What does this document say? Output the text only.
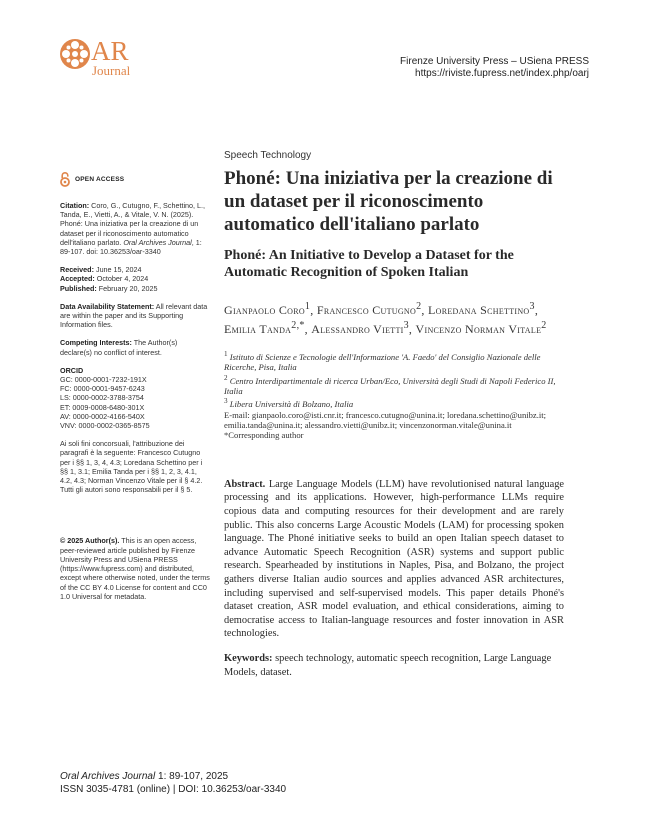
AR
Journal
Firenze University Press – USiena PRESS
https://riviste.fupress.net/index.php/oarj
OPEN ACCESS

Citation: Coro, G., Cutugno, F., Schettino, L., Tanda, E., Vietti, A., & Vitale, V. N. (2025). Phoné: Una iniziativa per la creazione di un dataset per il riconoscimento automatico dell'italiano parlato. Oral Archives Journal, 1: 89-107. doi: 10.36253/oar-3340

Received: June 15, 2024
Accepted: October 4, 2024
Published: February 20, 2025

Data Availability Statement: All relevant data are within the paper and its Supporting Information files.

Competing Interests: The Author(s) declare(s) no conflict of interest.

ORCID
GC: 0000-0001-7232-191X
FC: 0000-0001-9457-6243
LS: 0000-0002-3788-3754
ET: 0009-0008-6480-301X
AV: 0000-0002-4166-540X
VNV: 0000-0002-0365-8575

Ai soli fini concorsuali, l'attribuzione dei paragrafi è la seguente: Francesco Cutugno per i §§ 1, 3, 4, 4.3; Loredana Schettino per i §§ 1, 3.1; Emilia Tanda per i §§ 1, 2, 3, 4.1, 4.2, 4.3; Norman Vincenzo Vitale per il § 4.2. Tutti gli autori sono responsabili per il § 5.

© 2025 Author(s). This is an open access, peer-reviewed article published by Firenze University Press and USiena PRESS (https://www.fupress.com) and distributed, except where otherwise noted, under the terms of the CC BY 4.0 License for content and CC0 1.0 Universal for metadata.

Speech Technology
Phoné: Una iniziativa per la creazione di un dataset per il riconoscimento automatico dell'italiano parlato
Phoné: An Initiative to Develop a Dataset for the Automatic Recognition of Spoken Italian
Gianpaolo Coro$^1$, Francesco Cutugno$^2$, Loredana Schettino$^3$, Emilia Tanda$^{2,*}$, Alessandro Vietti$^3$, Vincenzo Norman Vitale$^2$
$^1$ Istituto di Scienze e Tecnologie dell'Informazione 'A. Faedo' del Consiglio Nazionale delle Ricerche, Pisa, Italia
$^2$ Centro Interdipartimentale di ricerca Urban/Eco, Università degli Studi di Napoli Federico II, Italia
$^3$ Libera Università di Bolzano, Italia
E-mail: gianpaolo.coro@isti.cnr.it; francesco.cutugno@unina.it; loredana.schettino@unibz.it; emilia.tanda@unina.it; alessandro.vietti@unibz.it; vincenzonorman.vitale@unina.it
*Corresponding author
Abstract. Large Language Models (LLM) have revolutionised natural language processing and its applications. However, high-performance LLMs require copious data and computing resources for their development and are rarely public. This also concerns Large Acoustic Models (LAM) for processing spoken language. The Phoné initiative seeks to build an open Italian speech dataset to advance Automatic Speech Recognition (ASR) systems and support public research. Spearheaded by institutions in Naples, Pisa, and Bolzano, the project gathers diverse Italian audio sources and applies advanced ASR architectures, including supervised and self-supervised models. This paper details Phoné's dataset creation, ASR model evaluation, and ethical considerations, aiming to democratise access to Italian-language resources and foster innovation in ASR technologies.
Keywords: speech technology, automatic speech recognition, Large Language Models, dataset.
Oral Archives Journal 1: 89-107, 2025
ISSN 3035-4781 (online) | DOI: 10.36253/oar-3340
